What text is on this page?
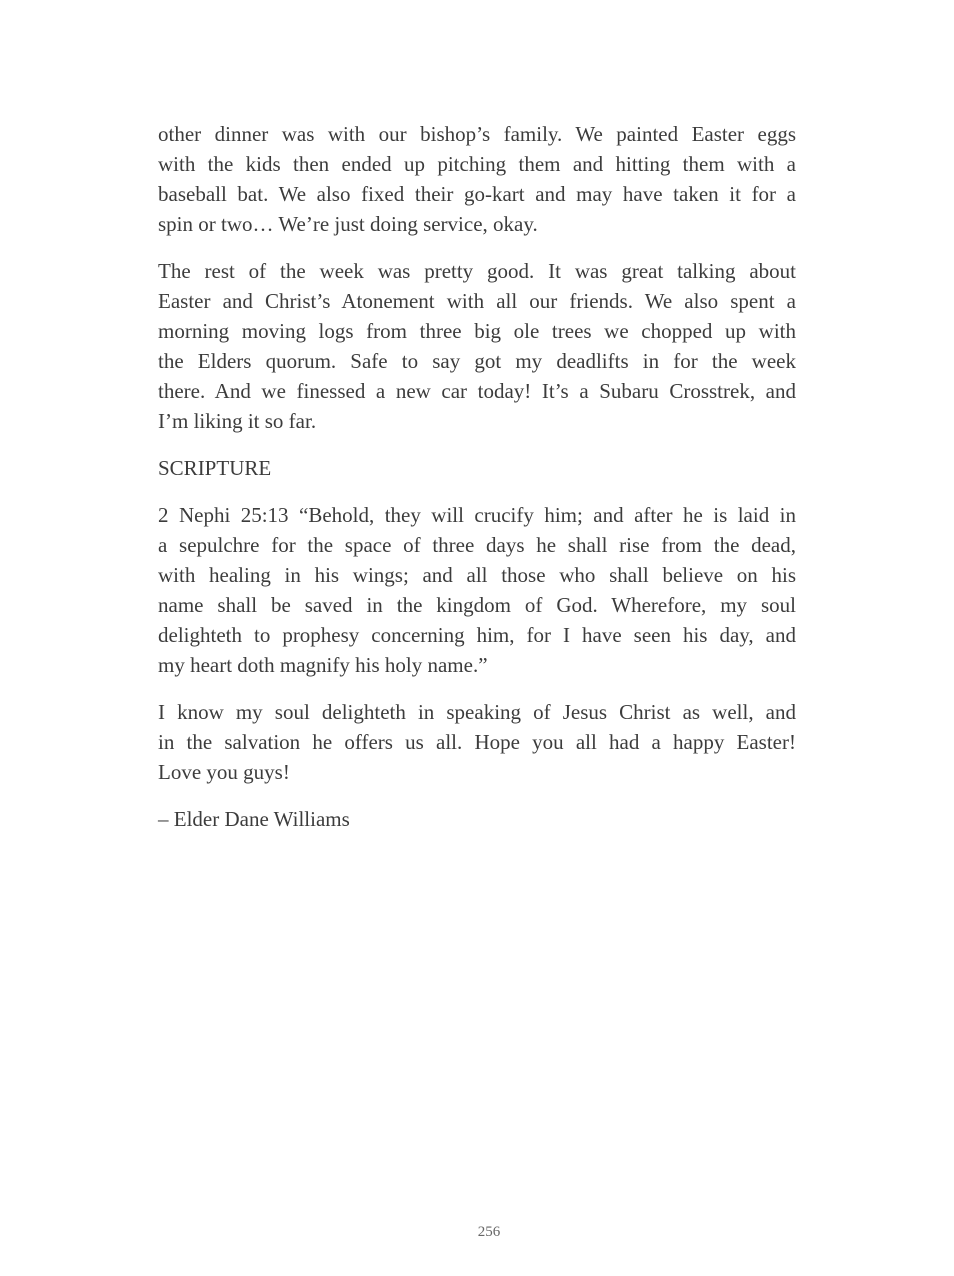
other dinner was with our bishop’s family. We painted Easter eggs
with the kids then ended up pitching them and hitting them with a
baseball bat. We also fixed their go-kart and may have taken it for a
spin or two… We’re just doing service, okay.
The rest of the week was pretty good. It was great talking about
Easter and Christ’s Atonement with all our friends. We also spent a
morning moving logs from three big ole trees we chopped up with
the Elders quorum. Safe to say got my deadlifts in for the week
there. And we finessed a new car today! It’s a Subaru Crosstrek, and
I’m liking it so far.
SCRIPTURE
2 Nephi 25:13 “Behold, they will crucify him; and after he is laid in
a sepulchre for the space of three days he shall rise from the dead,
with healing in his wings; and all those who shall believe on his
name shall be saved in the kingdom of God. Wherefore, my soul
delighteth to prophesy concerning him, for I have seen his day, and
my heart doth magnify his holy name.”
I know my soul delighteth in speaking of Jesus Christ as well, and
in the salvation he offers us all. Hope you all had a happy Easter!
Love you guys!
– Elder Dane Williams
256
